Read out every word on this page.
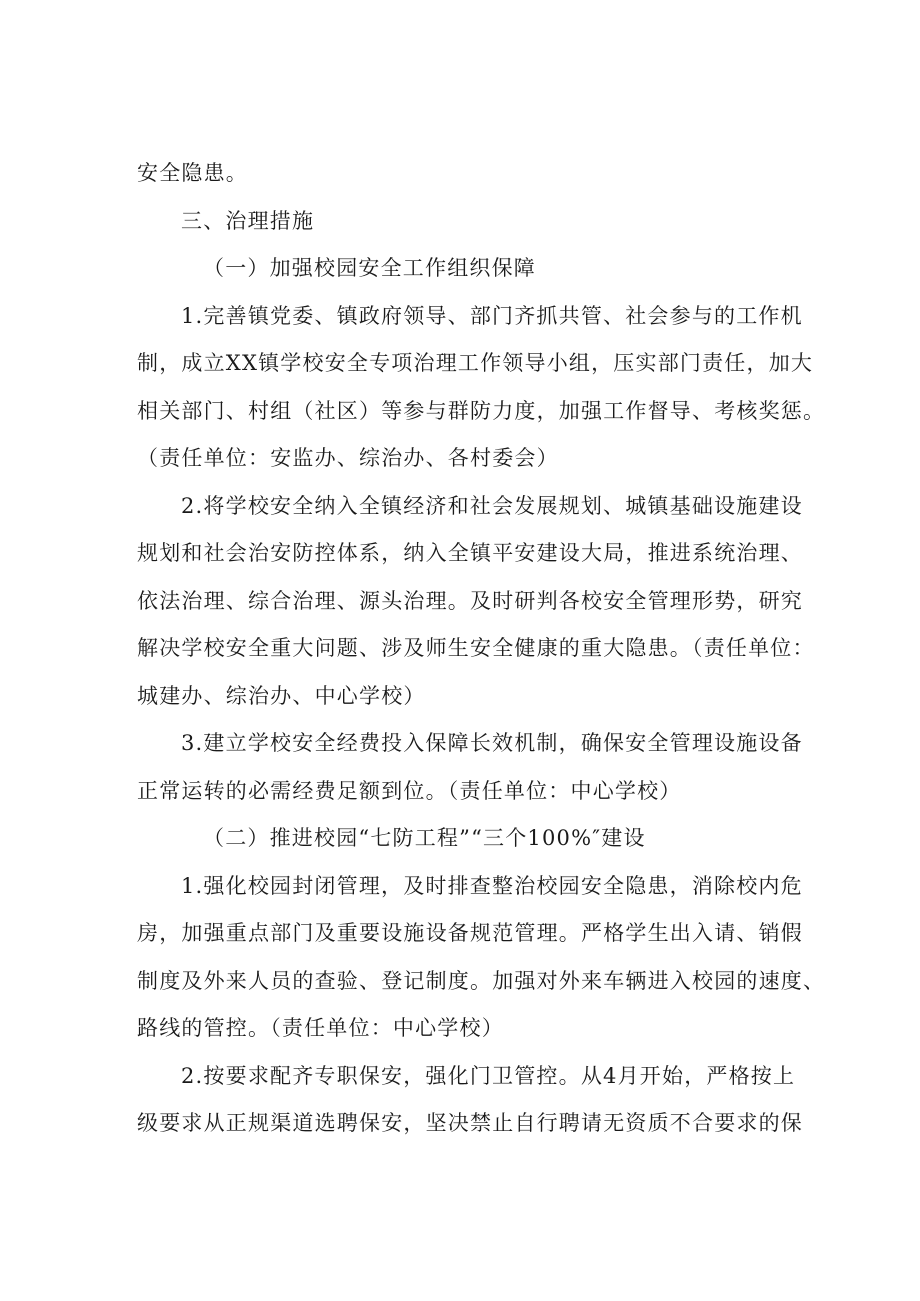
安全隐患。
三、治理措施
（一）加强校园安全工作组织保障
1.完善镇党委、镇政府领导、部门齐抓共管、社会参与的工作机
制，成立XX镇学校安全专项治理工作领导小组，压实部门责任，加大
相关部门、村组（社区）等参与群防力度，加强工作督导、考核奖惩。
（责任单位：安监办、综治办、各村委会）
2.将学校安全纳入全镇经济和社会发展规划、城镇基础设施建设
规划和社会治安防控体系，纳入全镇平安建设大局，推进系统治理、
依法治理、综合治理、源头治理。及时研判各校安全管理形势，研究
解决学校安全重大问题、涉及师生安全健康的重大隐患。（责任单位：
城建办、综治办、中心学校）
3.建立学校安全经费投入保障长效机制，确保安全管理设施设备
正常运转的必需经费足额到位。（责任单位：中心学校）
（二）推进校园“七防工程”“三个100%″建设
1.强化校园封闭管理，及时排查整治校园安全隐患，消除校内危
房，加强重点部门及重要设施设备规范管理。严格学生出入请、销假
制度及外来人员的查验、登记制度。加强对外来车辆进入校园的速度、
路线的管控。（责任单位：中心学校）
2.按要求配齐专职保安，强化门卫管控。从4月开始，严格按上
级要求从正规渠道选聘保安，坚决禁止自行聘请无资质不合要求的保
